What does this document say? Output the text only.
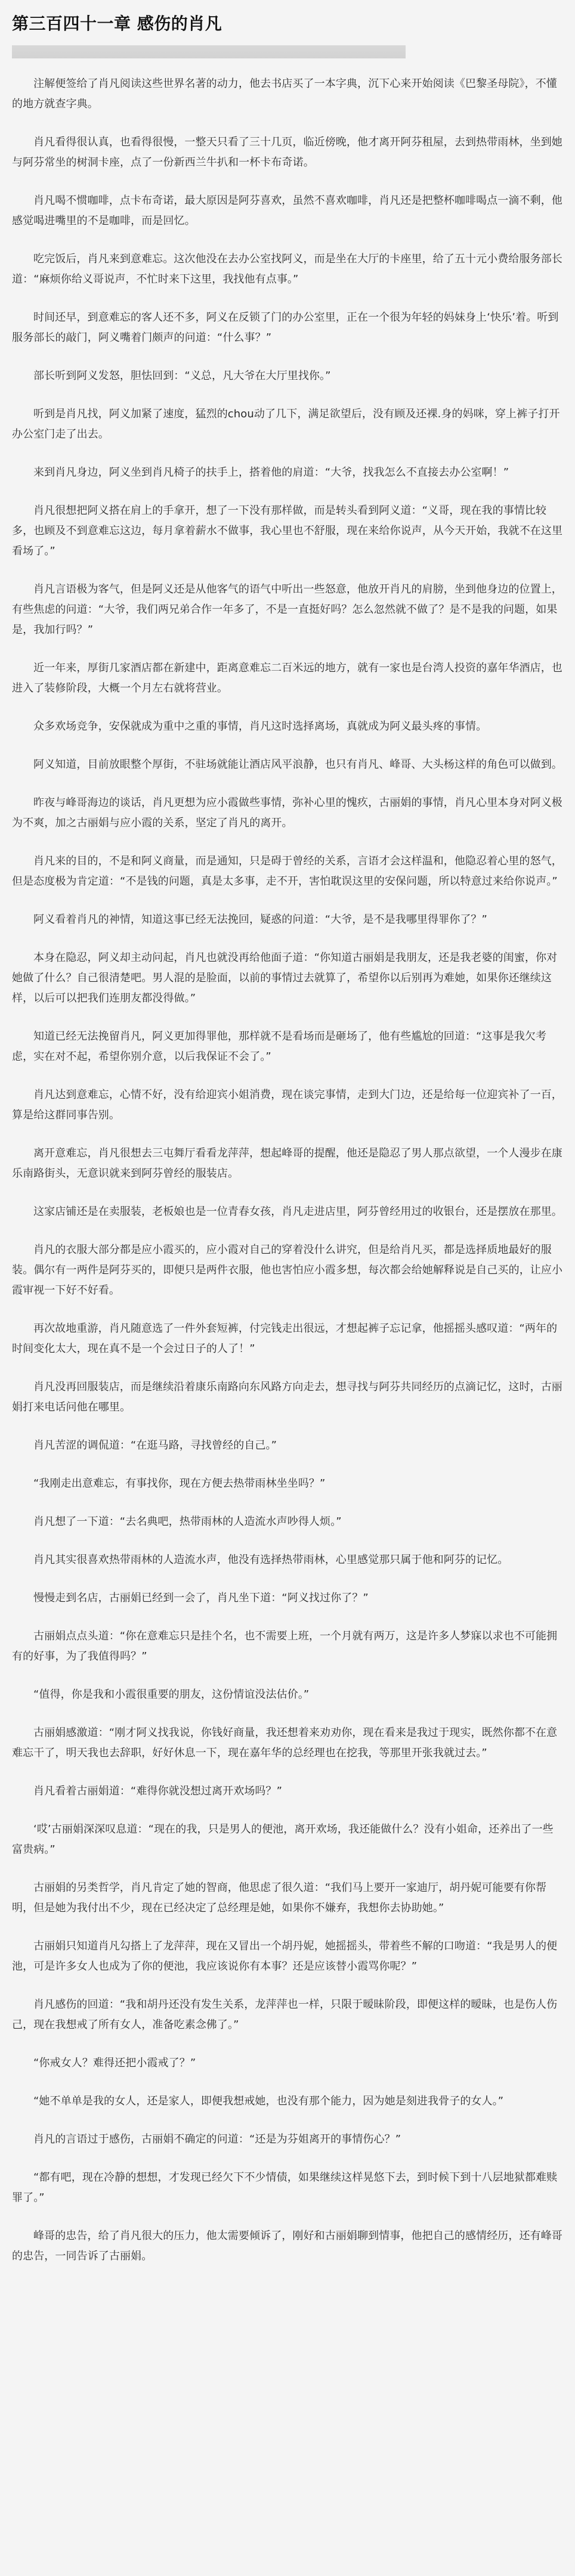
第三百四十一章 感伤的肖凡

注解便签给了肖凡阅读这些世界名著的动力，他去书店买了一本字典，沉下心来开始阅读《巴黎圣母院》，不懂的地方就查字典。

肖凡看得很认真，也看得很慢，一整天只看了三十几页，临近傍晚，他才离开阿芬租屋，去到热带雨林，坐到她与阿芬常坐的树洞卡座，点了一份新西兰牛扒和一杯卡布奇诺。

肖凡喝不惯咖啡，点卡布奇诺，最大原因是阿芬喜欢，虽然不喜欢咖啡，肖凡还是把整杯咖啡喝点一滴不剩，他感觉喝进嘴里的不是咖啡，而是回忆。

吃完饭后，肖凡来到意难忘。这次他没在去办公室找阿义，而是坐在大厅的卡座里，给了五十元小费给服务部长道：“麻烦你给义哥说声，不忙时来下这里，我找他有点事。”

时间还早，到意难忘的客人还不多，阿义在反锁了门的办公室里，正在一个很为年轻的妈妹身上‘快乐’着。听到服务部长的敲门，阿义嘴着门颇声的问道：“什么事？”

部长听到阿义发怒，胆怯回到：“义总，凡大爷在大厅里找你。”

听到是肖凡找，阿义加紧了速度，猛烈的chou动了几下，满足欲望后，没有顾及还裸.身的妈咪，穿上裤子打开办公室门走了出去。

来到肖凡身边，阿义坐到肖凡椅子的扶手上，搭着他的肩道：“大爷，找我怎么不直接去办公室啊！”

肖凡很想把阿义搭在肩上的手拿开，想了一下没有那样做，而是转头看到阿义道：“义哥，现在我的事情比较多，也顾及不到意难忘这边，每月拿着薪水不做事，我心里也不舒服，现在来给你说声，从今天开始，我就不在这里看场了。”

肖凡言语极为客气，但是阿义还是从他客气的语气中听出一些怒意，他放开肖凡的肩膀，坐到他身边的位置上，有些焦虑的问道：“大爷，我们两兄弟合作一年多了，不是一直挺好吗？怎么忽然就不做了？是不是我的问题，如果是，我加行吗？”

近一年来，厚街几家酒店都在新建中，距离意难忘二百米远的地方，就有一家也是台湾人投资的嘉年华酒店，也进入了装修阶段，大概一个月左右就将营业。

众多欢场竞争，安保就成为重中之重的事情，肖凡这时选择离场，真就成为阿义最头疼的事情。

阿义知道，目前放眼整个厚街，不驻场就能让酒店风平浪静，也只有肖凡、峰哥、大头杨这样的角色可以做到。

昨夜与峰哥海边的谈话，肖凡更想为应小霞做些事情，弥补心里的愧疚，古丽娟的事情，肖凡心里本身对阿义极为不爽，加之古丽娟与应小霞的关系，坚定了肖凡的离开。

肖凡来的目的，不是和阿义商量，而是通知，只是碍于曾经的关系，言语才会这样温和，他隐忍着心里的怒气，但是态度极为肯定道：“不是钱的问题，真是太多事，走不开，害怕耽误这里的安保问题，所以特意过来给你说声。”

阿义看着肖凡的神情，知道这事已经无法挽回，疑惑的问道：“大爷，是不是我哪里得罪你了？”

本身在隐忍，阿义却主动问起，肖凡也就没再给他面子道：“你知道古丽娟是我朋友，还是我老婆的闺蜜，你对她做了什么？自己很清楚吧。男人混的是脸面，以前的事情过去就算了，希望你以后别再为难她，如果你还继续这样，以后可以把我们连朋友都没得做。”

知道已经无法挽留肖凡，阿义更加得罪他，那样就不是看场而是砸场了，他有些尴尬的回道：“这事是我欠考虑，实在对不起，希望你别介意，以后我保证不会了。”

肖凡达到意难忘，心情不好，没有给迎宾小姐消费，现在谈完事情，走到大门边，还是给每一位迎宾补了一百，算是给这群同事告别。

离开意难忘，肖凡很想去三屯舞厅看看龙萍萍，想起峰哥的提醒，他还是隐忍了男人那点欲望，一个人漫步在康乐南路街头，无意识就来到阿芬曾经的服装店。

这家店铺还是在卖服装，老板娘也是一位青春女孩，肖凡走进店里，阿芬曾经用过的收银台，还是摆放在那里。

肖凡的衣服大部分都是应小霞买的，应小霞对自己的穿着没什么讲究，但是给肖凡买，都是选择质地最好的服装。偶尔有一两件是阿芬买的，即便只是两件衣服，他也害怕应小霞多想，每次都会给她解释说是自己买的，让应小霞审视一下好不好看。

再次故地重游，肖凡随意选了一件外套短裤，付完钱走出很远，才想起裤子忘记拿，他摇摇头感叹道：“两年的时间变化太大，现在真不是一个会过日子的人了！”

肖凡没再回服装店，而是继续沿着康乐南路向东风路方向走去，想寻找与阿芬共同经历的点滴记忆，这时，古丽娟打来电话问他在哪里。

肖凡苦涩的调侃道：“在逛马路，寻找曾经的自己。”

“我刚走出意难忘，有事找你，现在方便去热带雨林坐坐吗？”

肖凡想了一下道：“去名典吧，热带雨林的人造流水声吵得人烦。”

肖凡其实很喜欢热带雨林的人造流水声，他没有选择热带雨林，心里感觉那只属于他和阿芬的记忆。

慢慢走到名店，古丽娟已经到一会了，肖凡坐下道：“阿义找过你了？”

古丽娟点点头道：“你在意难忘只是挂个名，也不需要上班，一个月就有两万，这是许多人梦寐以求也不可能拥有的好事，为了我值得吗？”

“值得，你是我和小霞很重要的朋友，这份情谊没法估价。”

古丽娟感激道：“刚才阿义找我说，你钱好商量，我还想着来劝劝你，现在看来是我过于现实，既然你都不在意难忘干了，明天我也去辞职，好好休息一下，现在嘉年华的总经理也在挖我，等那里开张我就过去。”

肖凡看着古丽娟道：“难得你就没想过离开欢场吗？”

‘哎’古丽娟深深叹息道：“现在的我，只是男人的便池，离开欢场，我还能做什么？没有小姐命，还养出了一些富贵病。”

古丽娟的另类哲学，肖凡肯定了她的智商，他思虑了很久道：“我们马上要开一家迪厅，胡丹妮可能要有你帮明，但是她为我付出不少，现在已经决定了总经理是她，如果你不嫌弃，我想你去协助她。”

古丽娟只知道肖凡勾搭上了龙萍萍，现在又冒出一个胡丹妮，她摇摇头，带着些不解的口吻道：“我是男人的便池，可是许多女人也成为了你的便池，我应该说你有本事？还是应该替小霞骂你呢？”

肖凡感伤的回道：“我和胡丹还没有发生关系，龙萍萍也一样，只限于暧昧阶段，即便这样的暧昧，也是伤人伤己，现在我想戒了所有女人，准备吃素念佛了。”

“你戒女人？难得还把小霞戒了？”

“她不单单是我的女人，还是家人，即便我想戒她，也没有那个能力，因为她是刻进我骨子的女人。”

肖凡的言语过于感伤，古丽娟不确定的问道：“还是为芬姐离开的事情伤心？”

“都有吧，现在冷静的想想，才发现已经欠下不少情债，如果继续这样晃悠下去，到时候下到十八层地狱都难赎罪了。”

峰哥的忠告，给了肖凡很大的压力，他太需要倾诉了，刚好和古丽娟聊到情事，他把自己的感情经历，还有峰哥的忠告，一同告诉了古丽娟。
